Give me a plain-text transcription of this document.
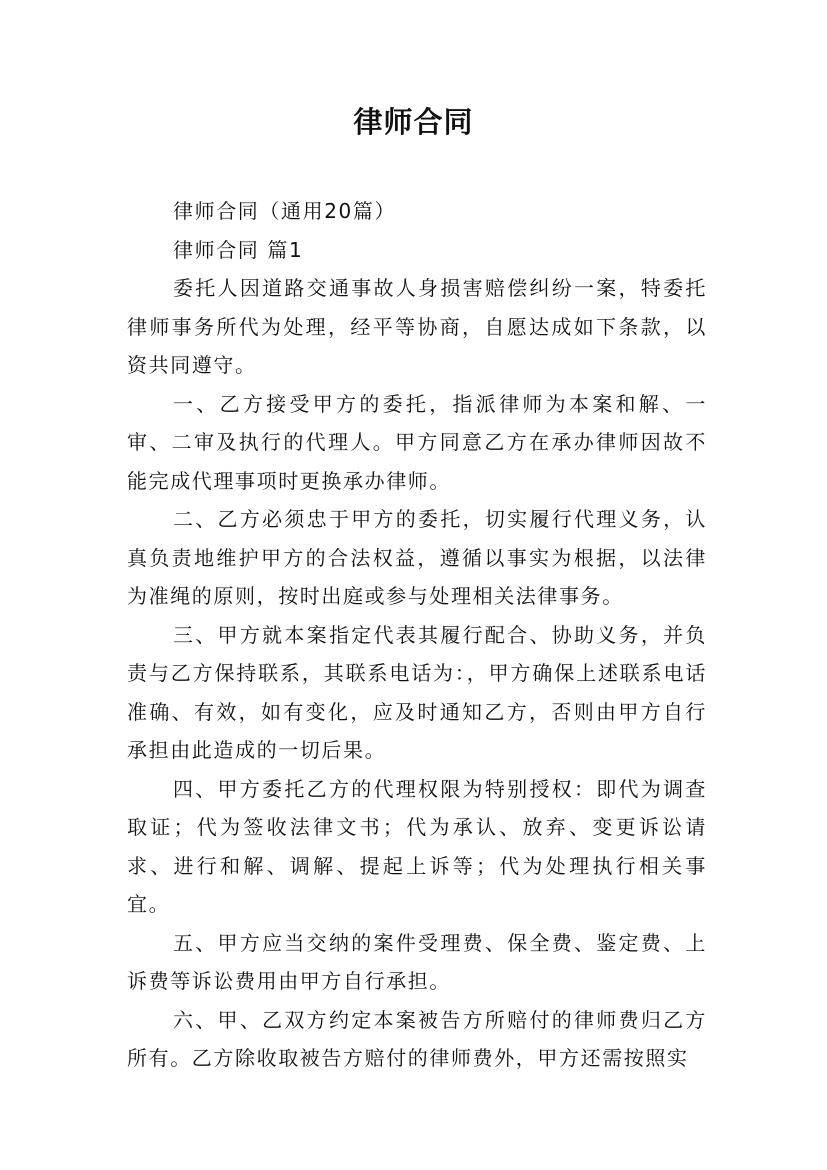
律师合同

律师合同（通用20篇）

律师合同 篇1

委托人因道路交通事故人身损害赔偿纠纷一案，特委托律师事务所代为处理，经平等协商，自愿达成如下条款，以资共同遵守。

一、乙方接受甲方的委托，指派律师为本案和解、一审、二审及执行的代理人。甲方同意乙方在承办律师因故不能完成代理事项时更换承办律师。

二、乙方必须忠于甲方的委托，切实履行代理义务，认真负责地维护甲方的合法权益，遵循以事实为根据，以法律为准绳的原则，按时出庭或参与处理相关法律事务。

三、甲方就本案指定代表其履行配合、协助义务，并负责与乙方保持联系，其联系电话为：，甲方确保上述联系电话准确、有效，如有变化，应及时通知乙方，否则由甲方自行承担由此造成的一切后果。

四、甲方委托乙方的代理权限为特别授权：即代为调查取证；代为签收法律文书；代为承认、放弃、变更诉讼请求、进行和解、调解、提起上诉等；代为处理执行相关事宜。

五、甲方应当交纳的案件受理费、保全费、鉴定费、上诉费等诉讼费用由甲方自行承担。

六、甲、乙双方约定本案被告方所赔付的律师费归乙方所有。乙方除收取被告方赔付的律师费外，甲方还需按照实
